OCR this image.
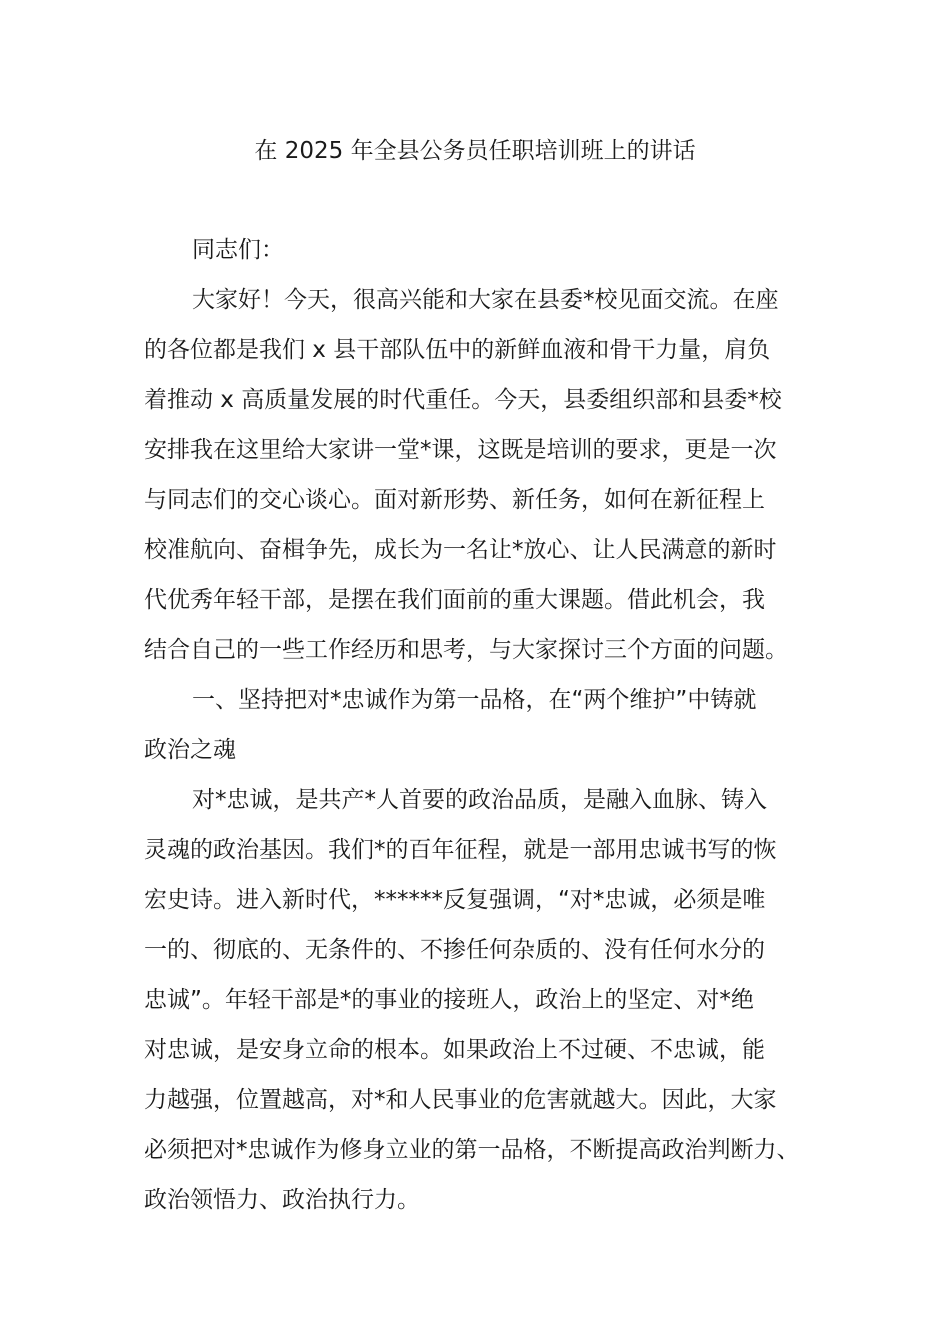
在 2025 年全县公务员任职培训班上的讲话
同志们：
大家好！今天，很高兴能和大家在县委*校见面交流。在座
的各位都是我们 x 县干部队伍中的新鲜血液和骨干力量，肩负
着推动 x 高质量发展的时代重任。今天，县委组织部和县委*校
安排我在这里给大家讲一堂*课，这既是培训的要求，更是一次
与同志们的交心谈心。面对新形势、新任务，如何在新征程上
校准航向、奋楫争先，成长为一名让*放心、让人民满意的新时
代优秀年轻干部，是摆在我们面前的重大课题。借此机会，我
结合自己的一些工作经历和思考，与大家探讨三个方面的问题。
一、坚持把对*忠诚作为第一品格，在“两个维护”中铸就
政治之魂
对*忠诚，是共产*人首要的政治品质，是融入血脉、铸入
灵魂的政治基因。我们*的百年征程，就是一部用忠诚书写的恢
宏史诗。进入新时代，******反复强调，“对*忠诚，必须是唯
一的、彻底的、无条件的、不掺任何杂质的、没有任何水分的
忠诚”。年轻干部是*的事业的接班人，政治上的坚定、对*绝
对忠诚，是安身立命的根本。如果政治上不过硬、不忠诚，能
力越强，位置越高，对*和人民事业的危害就越大。因此，大家
必须把对*忠诚作为修身立业的第一品格，不断提高政治判断力、
政治领悟力、政治执行力。
